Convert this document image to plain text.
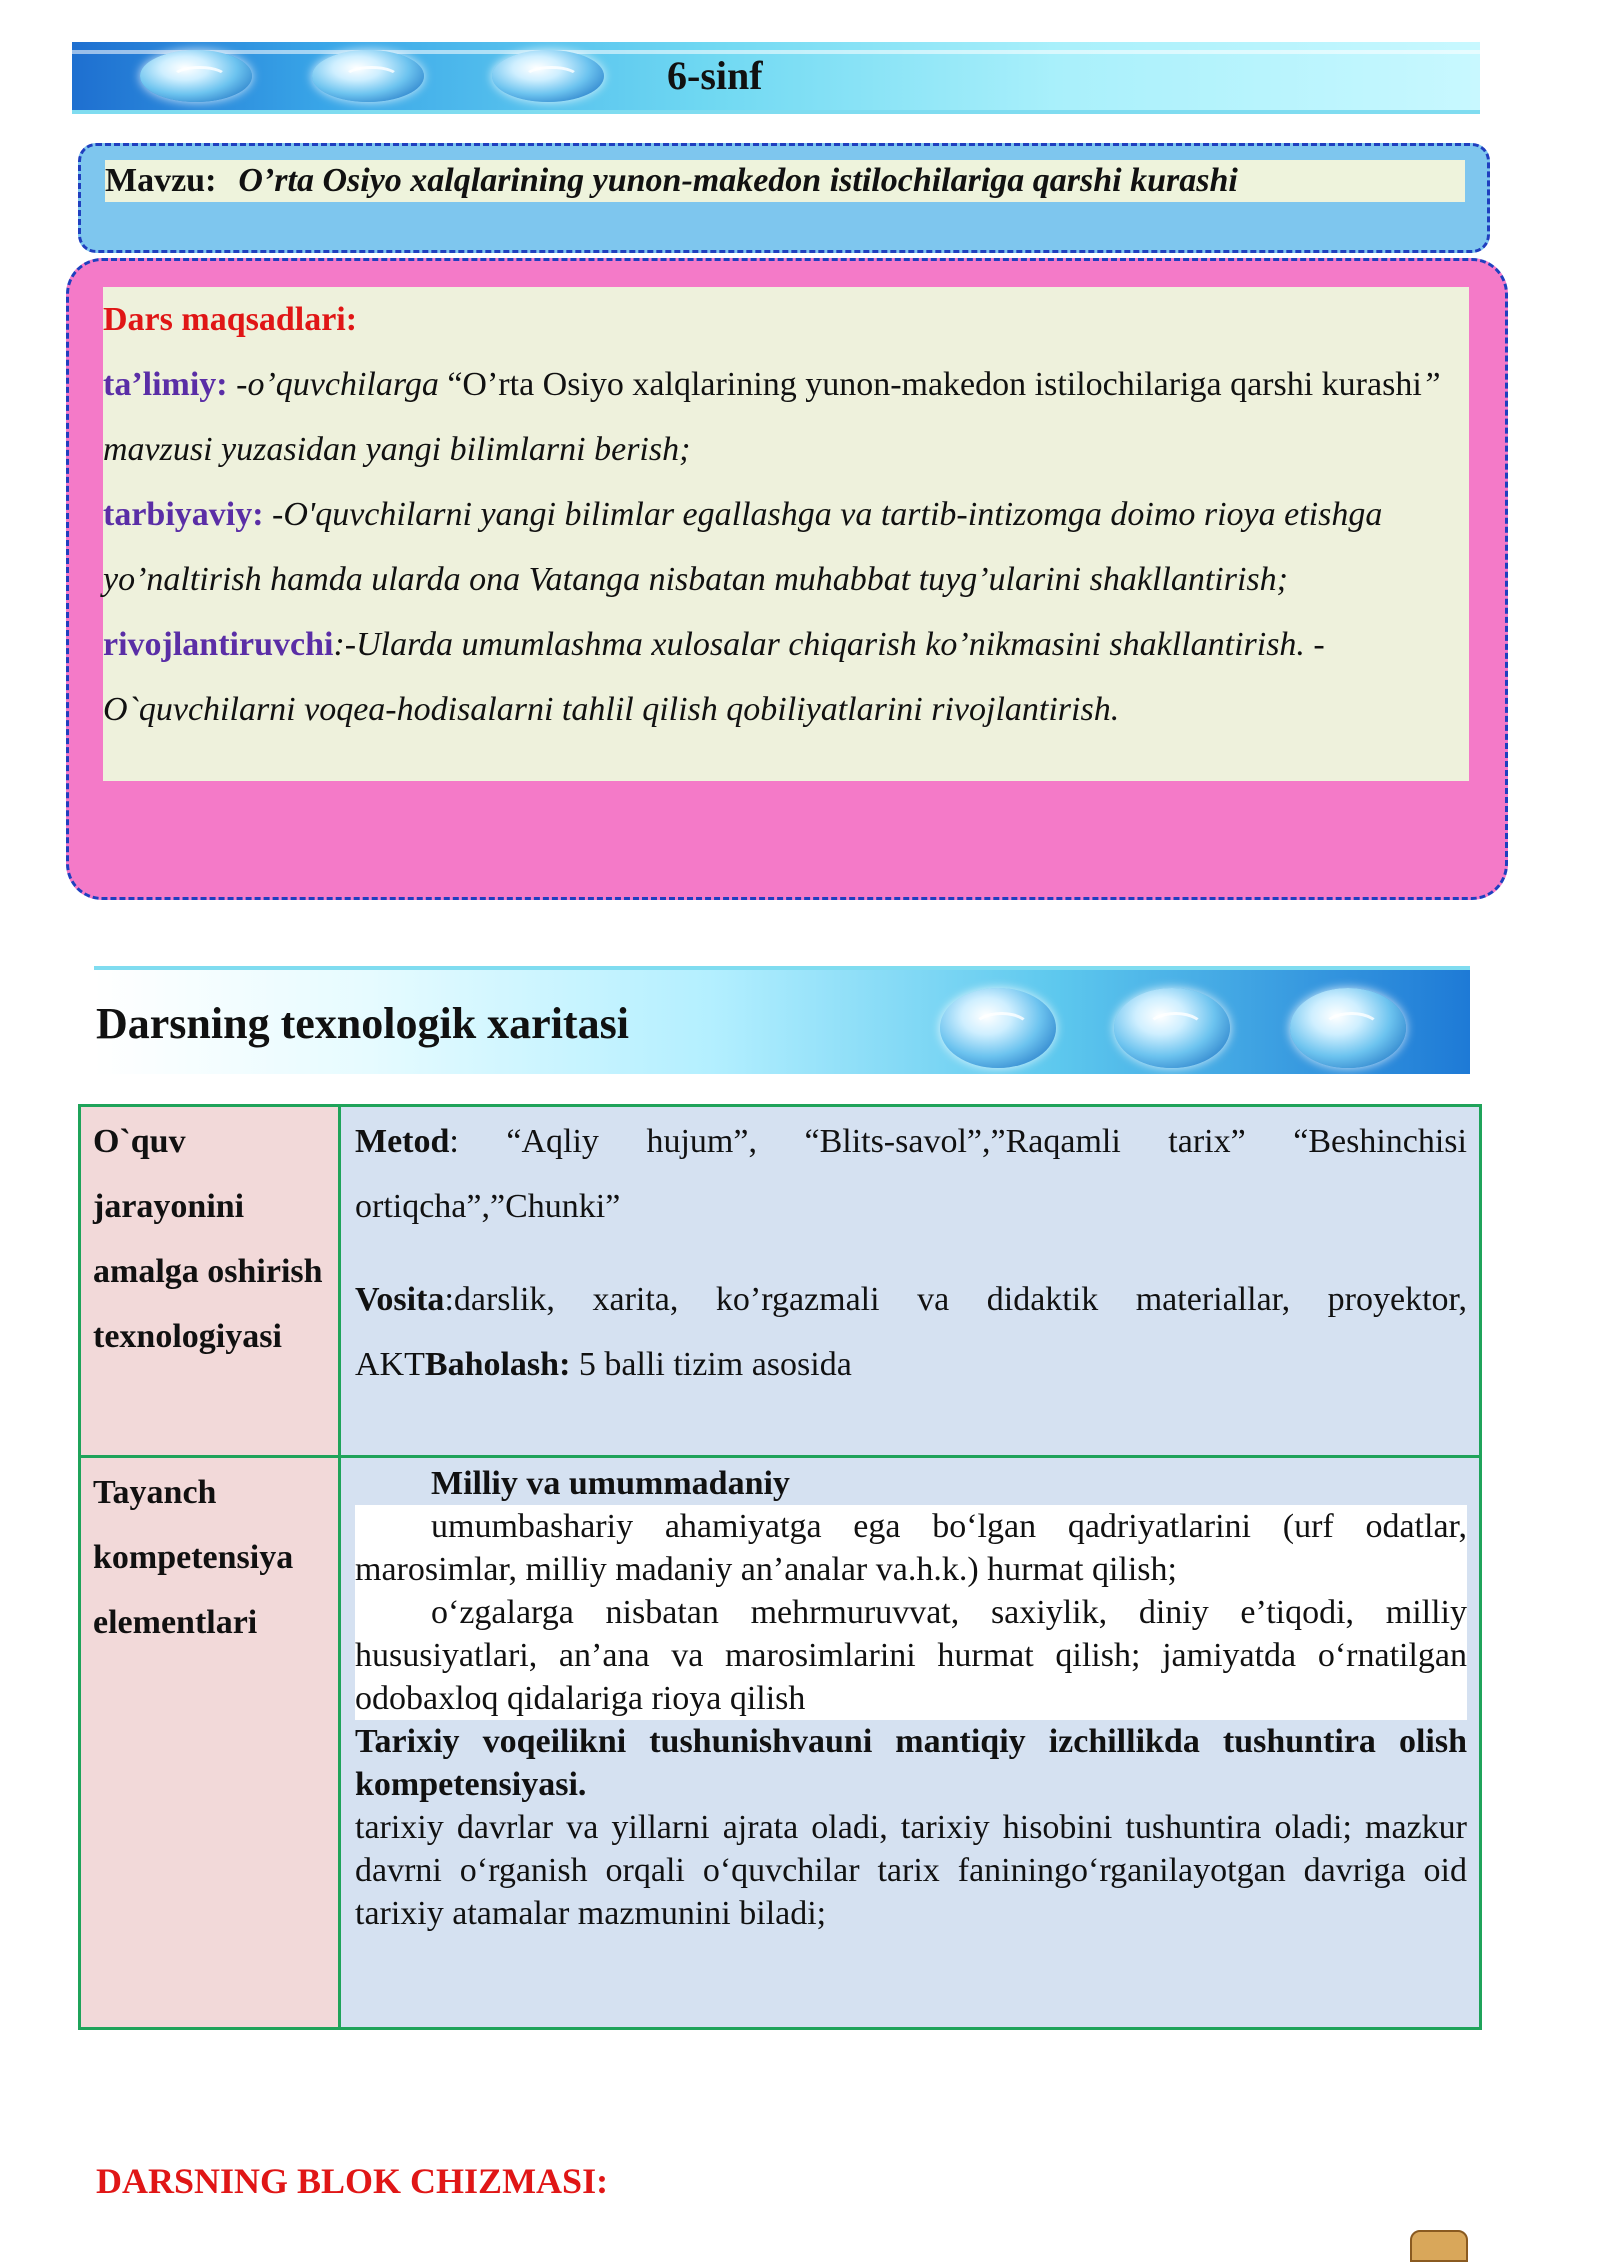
6-sinf
Mavzu: O’rta Osiyo xalqlarining yunon-makedon istilochilariga qarshi kurashi

Dars maqsadlari:

ta’limiy: -o’quvchilarga “O’rta Osiyo xalqlarining yunon-makedon istilochilariga qarshi kurashi” mavzusi yuzasidan yangi bilimlarni berish;

tarbiyaviy: -O'quvchilarni yangi bilimlar egallashga va tartib-intizomga doimo rioya etishga yo’naltirish hamda ularda ona Vatanga nisbatan muhabbat tuyg’ularini shakllantirish;

rivojlantiruvchi:-Ularda umumlashma xulosalar chiqarish ko’nikmasini shakllantirish. -O`quvchilarni voqea-hodisalarni tahlil qilish qobiliyatlarini rivojlantirish.

Darsning texnologik xaritasi
O`quv jarayonini amalga oshirish texnologiyasi
Metod: “Aqliy hujum”, “Blits-savol”,”Raqamli tarix” “Beshinchisi ortiqcha”,”Chunki”
Vosita:darslik, xarita, ko’rgazmali va didaktik materiallar, proyektor, AKTBaholash: 5 balli tizim asosida
Tayanch kompetensiya elementlari
Milliy va umummadaniy
umumbashariy ahamiyatga ega bo‘lgan qadriyatlarini (urf odatlar, marosimlar, milliy madaniy an’analar va.h.k.) hurmat qilish;
o‘zgalarga nisbatan mehrmuruvvat, saxiylik, diniy e’tiqodi, milliy hususiyatlari, an’ana va marosimlarini hurmat qilish; jamiyatda o‘rnatilgan odobaxloq qidalariga rioya qilish
Tarixiy voqeilikni tushunishvauni mantiqiy izchillikda tushuntira olish kompetensiyasi.
tarixiy davrlar va yillarni ajrata oladi, tarixiy hisobini tushuntira oladi; mazkur davrni o‘rganish orqali o‘quvchilar tarix faniningo‘rganilayotgan davriga oid tarixiy atamalar mazmunini biladi;
DARSNING BLOK CHIZMASI:
